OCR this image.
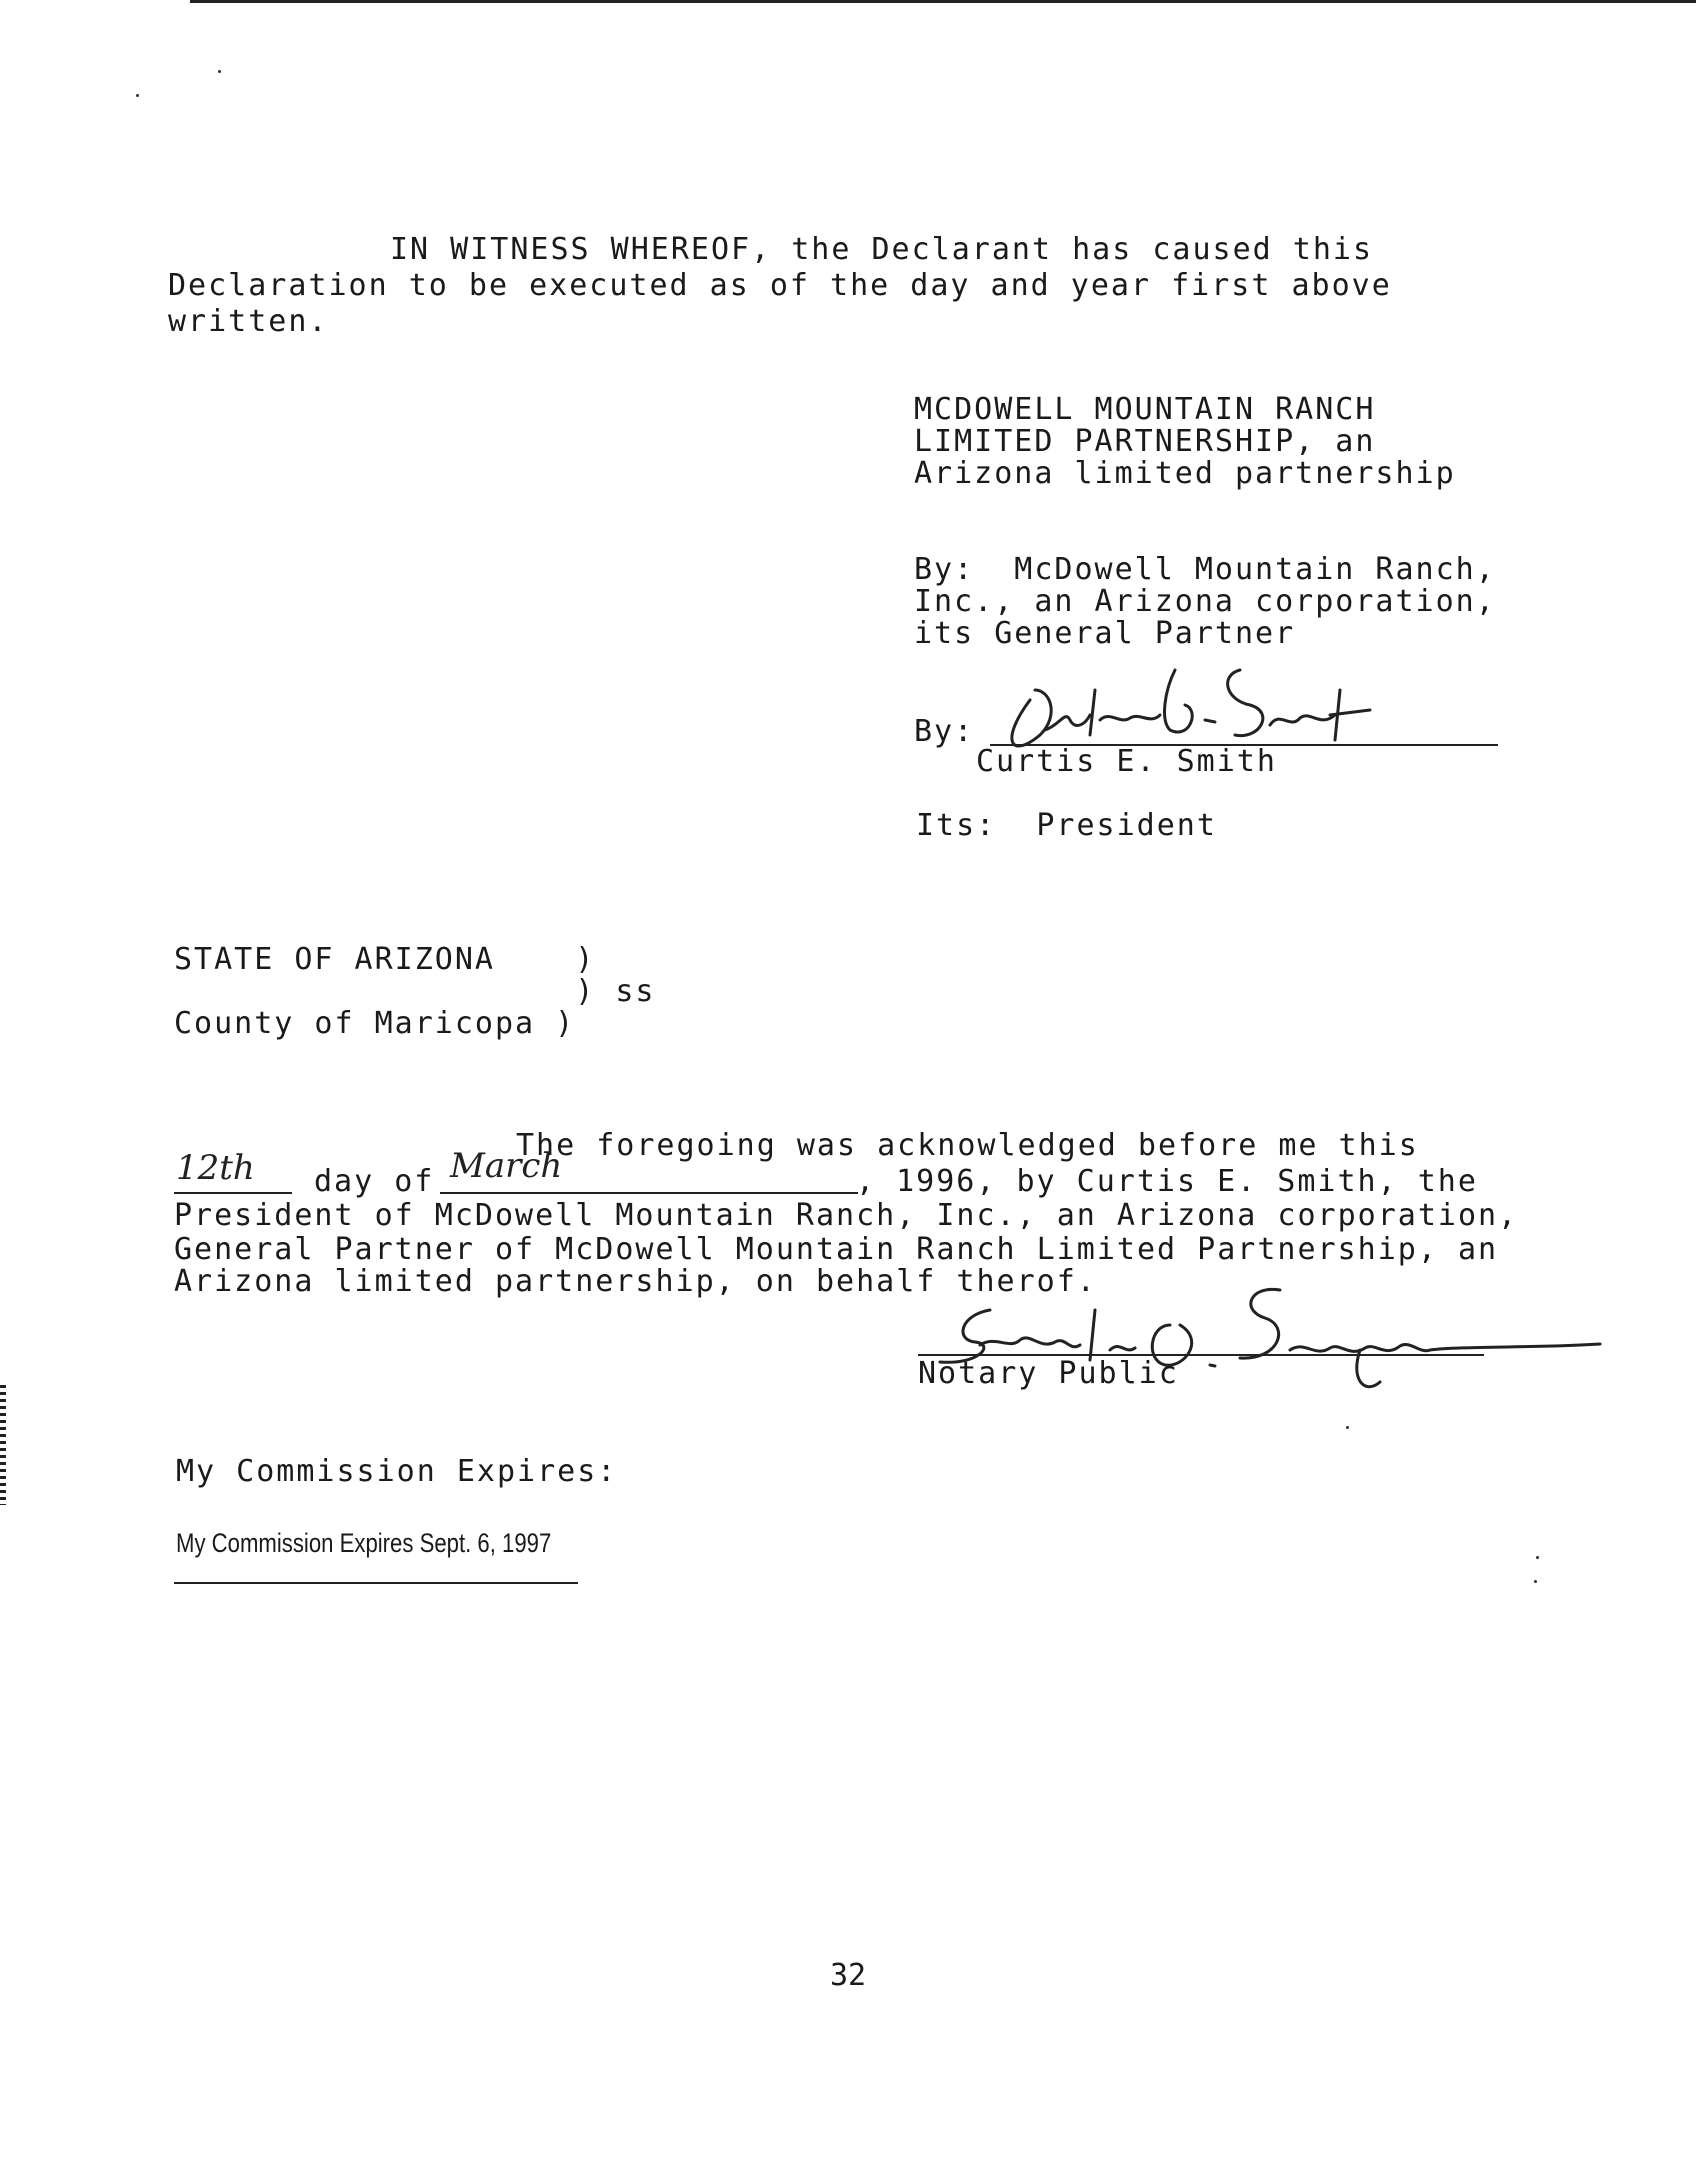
IN WITNESS WHEREOF, the Declarant has caused this
Declaration to be executed as of the day and year first above
written.
MCDOWELL MOUNTAIN RANCH
LIMITED PARTNERSHIP, an
Arizona limited partnership
By:  McDowell Mountain Ranch,
Inc., an Arizona corporation,
its General Partner
By:
Curtis E. Smith
Its:  President
STATE OF ARIZONA    )
) ss
County of Maricopa )
The foregoing was acknowledged before me this
12th day of March	, 1996, by Curtis E. Smith, the
President of McDowell Mountain Ranch, Inc., an Arizona corporation,
General Partner of McDowell Mountain Ranch Limited Partnership, an
Arizona limited partnership, on behalf therof.
Notary Public
My Commission Expires:
My Commission Expires Sept. 6, 1997
32
